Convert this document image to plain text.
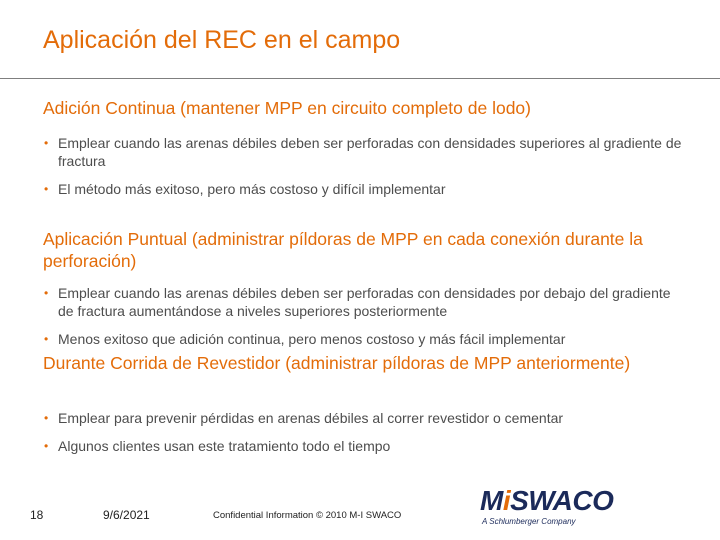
Aplicación del REC en el campo
Adición Continua (mantener MPP en circuito completo de lodo)
• Emplear cuando las arenas débiles deben ser perforadas con densidades superiores al gradiente de fractura
• El método más exitoso, pero más costoso y difícil implementar
Aplicación Puntual (administrar píldoras de MPP en cada conexión durante la perforación)
• Emplear cuando las arenas débiles deben ser perforadas con densidades por debajo del gradiente de fractura aumentándose a niveles superiores posteriormente
• Menos exitoso que adición continua, pero menos costoso y más fácil implementar
Durante Corrida de Revestidor (administrar píldoras de MPP anteriormente)
• Emplear para prevenir pérdidas en arenas débiles al correr revestidor o cementar
• Algunos clientes usan este tratamiento todo el tiempo
18	9/6/2021	Confidential Information © 2010 M-I SWACO	MiSWACO
A Schlumberger Company
